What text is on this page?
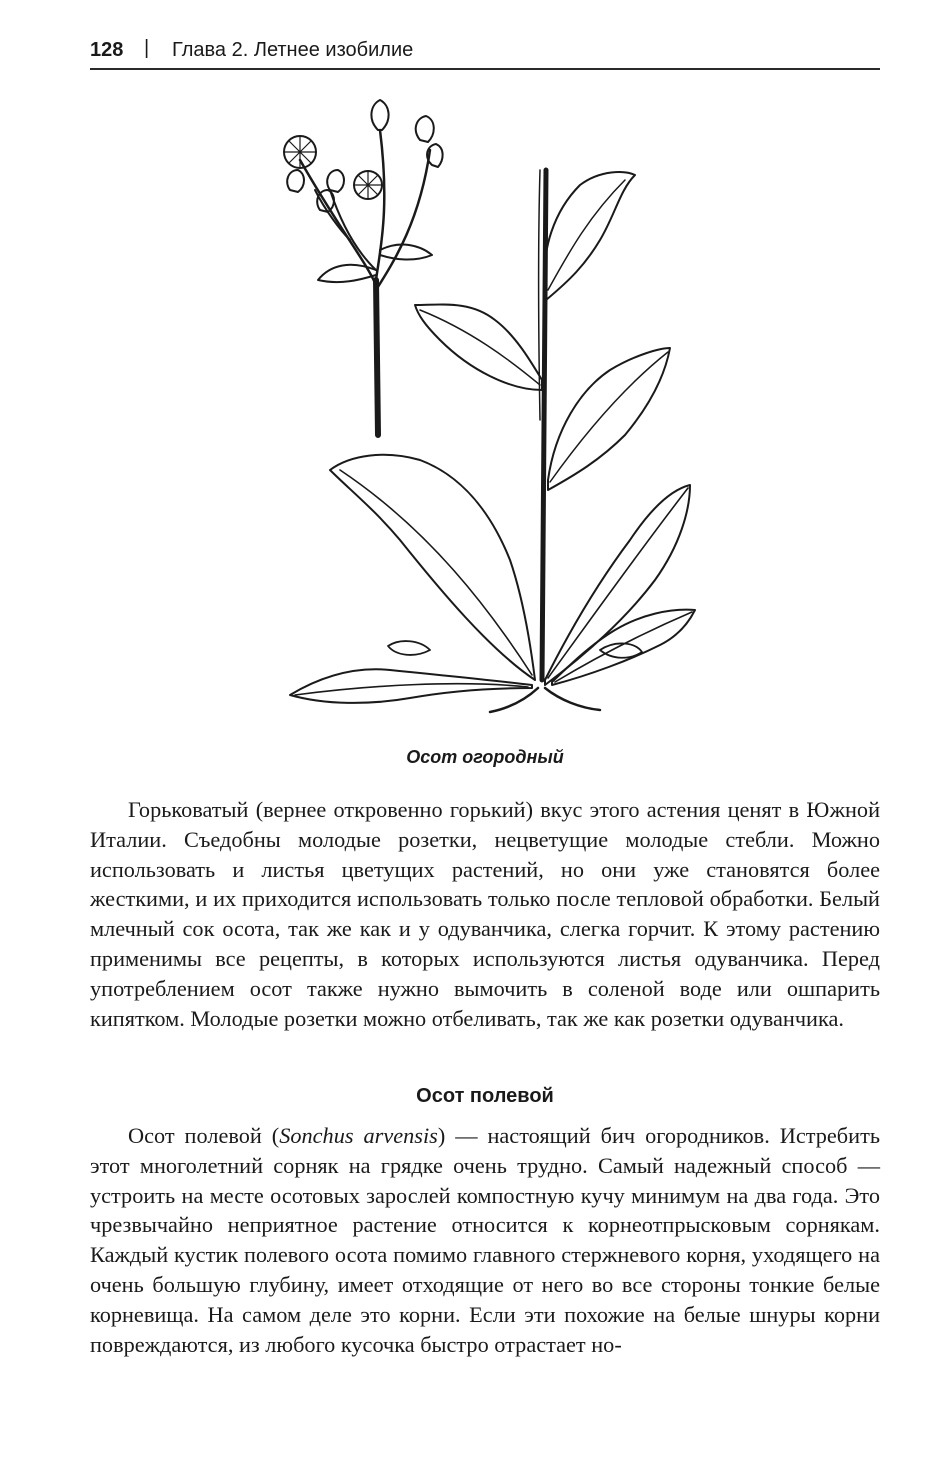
128 | Глава 2. Летнее изобилие
Осот огородный

Горьковатый (вернее откровенно горький) вкус этого астения ценят в Южной Италии. Съедобны молодые розетки, нецветущие молодые стебли. Можно использовать и листья цветущих растений, но они уже становятся более жесткими, и их приходится использовать только после тепловой обработки. Белый млечный сок осота, так же как и у одуванчика, слегка горчит. К этому растению применимы все рецепты, в которых используются листья одуванчика. Перед употреблением осот также нужно вымочить в соленой воде или ошпарить кипятком. Молодые розетки можно отбеливать, так же как розетки одуванчика.

Осот полевой

Осот полевой (Sonchus arvensis) — настоящий бич огородников. Истребить этот многолетний сорняк на грядке очень трудно. Самый надежный способ — устроить на месте осотовых зарослей компостную кучу минимум на два года. Это чрезвычайно неприятное растение относится к корнеотпрысковым сорнякам. Каждый кустик полевого осота помимо главного стержневого корня, уходящего на очень большую глубину, имеет отходящие от него во все стороны тонкие белые корневища. На самом деле это корни. Если эти похожие на белые шнуры корни повреждаются, из любого кусочка быстро отрастает но-
